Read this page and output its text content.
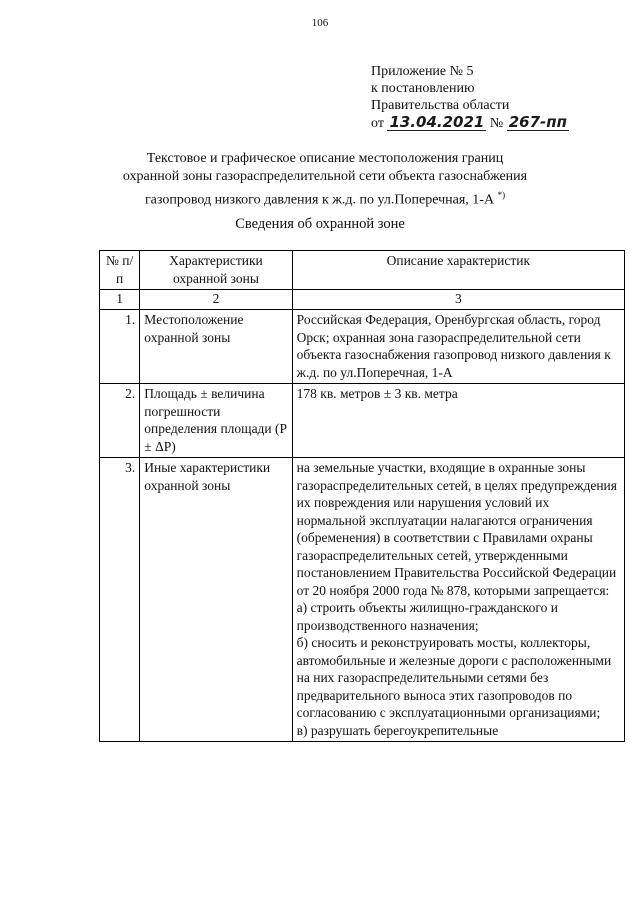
106
Приложение № 5
к постановлению
Правительства области
от 13.04.2021 № 267-пп
Текстовое и графическое описание местоположения границ
охранной зоны газораспределительной сети объекта газоснабжения
газопровод низкого давления к ж.д. по ул.Поперечная, 1-А *)
Сведения об охранной зоне
№ п/п	Характеристики охранной зоны	Описание характеристик
1	2	3
1.	Местоположение охранной зоны	Российская Федерация, Оренбургская область, город Орск; охранная зона газораспределительной сети объекта газоснабжения газопровод низкого давления к ж.д. по ул.Поперечная, 1-А
2.	Площадь ± величина погрешности определения площади (Р ± ΔР)	178 кв. метров ± 3 кв. метра
3.	Иные характеристики охранной зоны	на земельные участки, входящие в охранные зоны газораспределительных сетей, в целях предупреждения их повреждения или нарушения условий их нормальной эксплуатации налагаются ограничения (обременения) в соответствии с Правилами охраны газораспределительных сетей, утвержденными постановлением Правительства Российской Федерации от 20 ноября 2000 года № 878, которыми запрещается:
а) строить объекты жилищно-гражданского и производственного назначения;
б) сносить и реконструировать мосты, коллекторы, автомобильные и железные дороги с расположенными на них газораспределительными сетями без предварительного выноса этих газопроводов по согласованию с эксплуатационными организациями;
в) разрушать берегоукрепительные
